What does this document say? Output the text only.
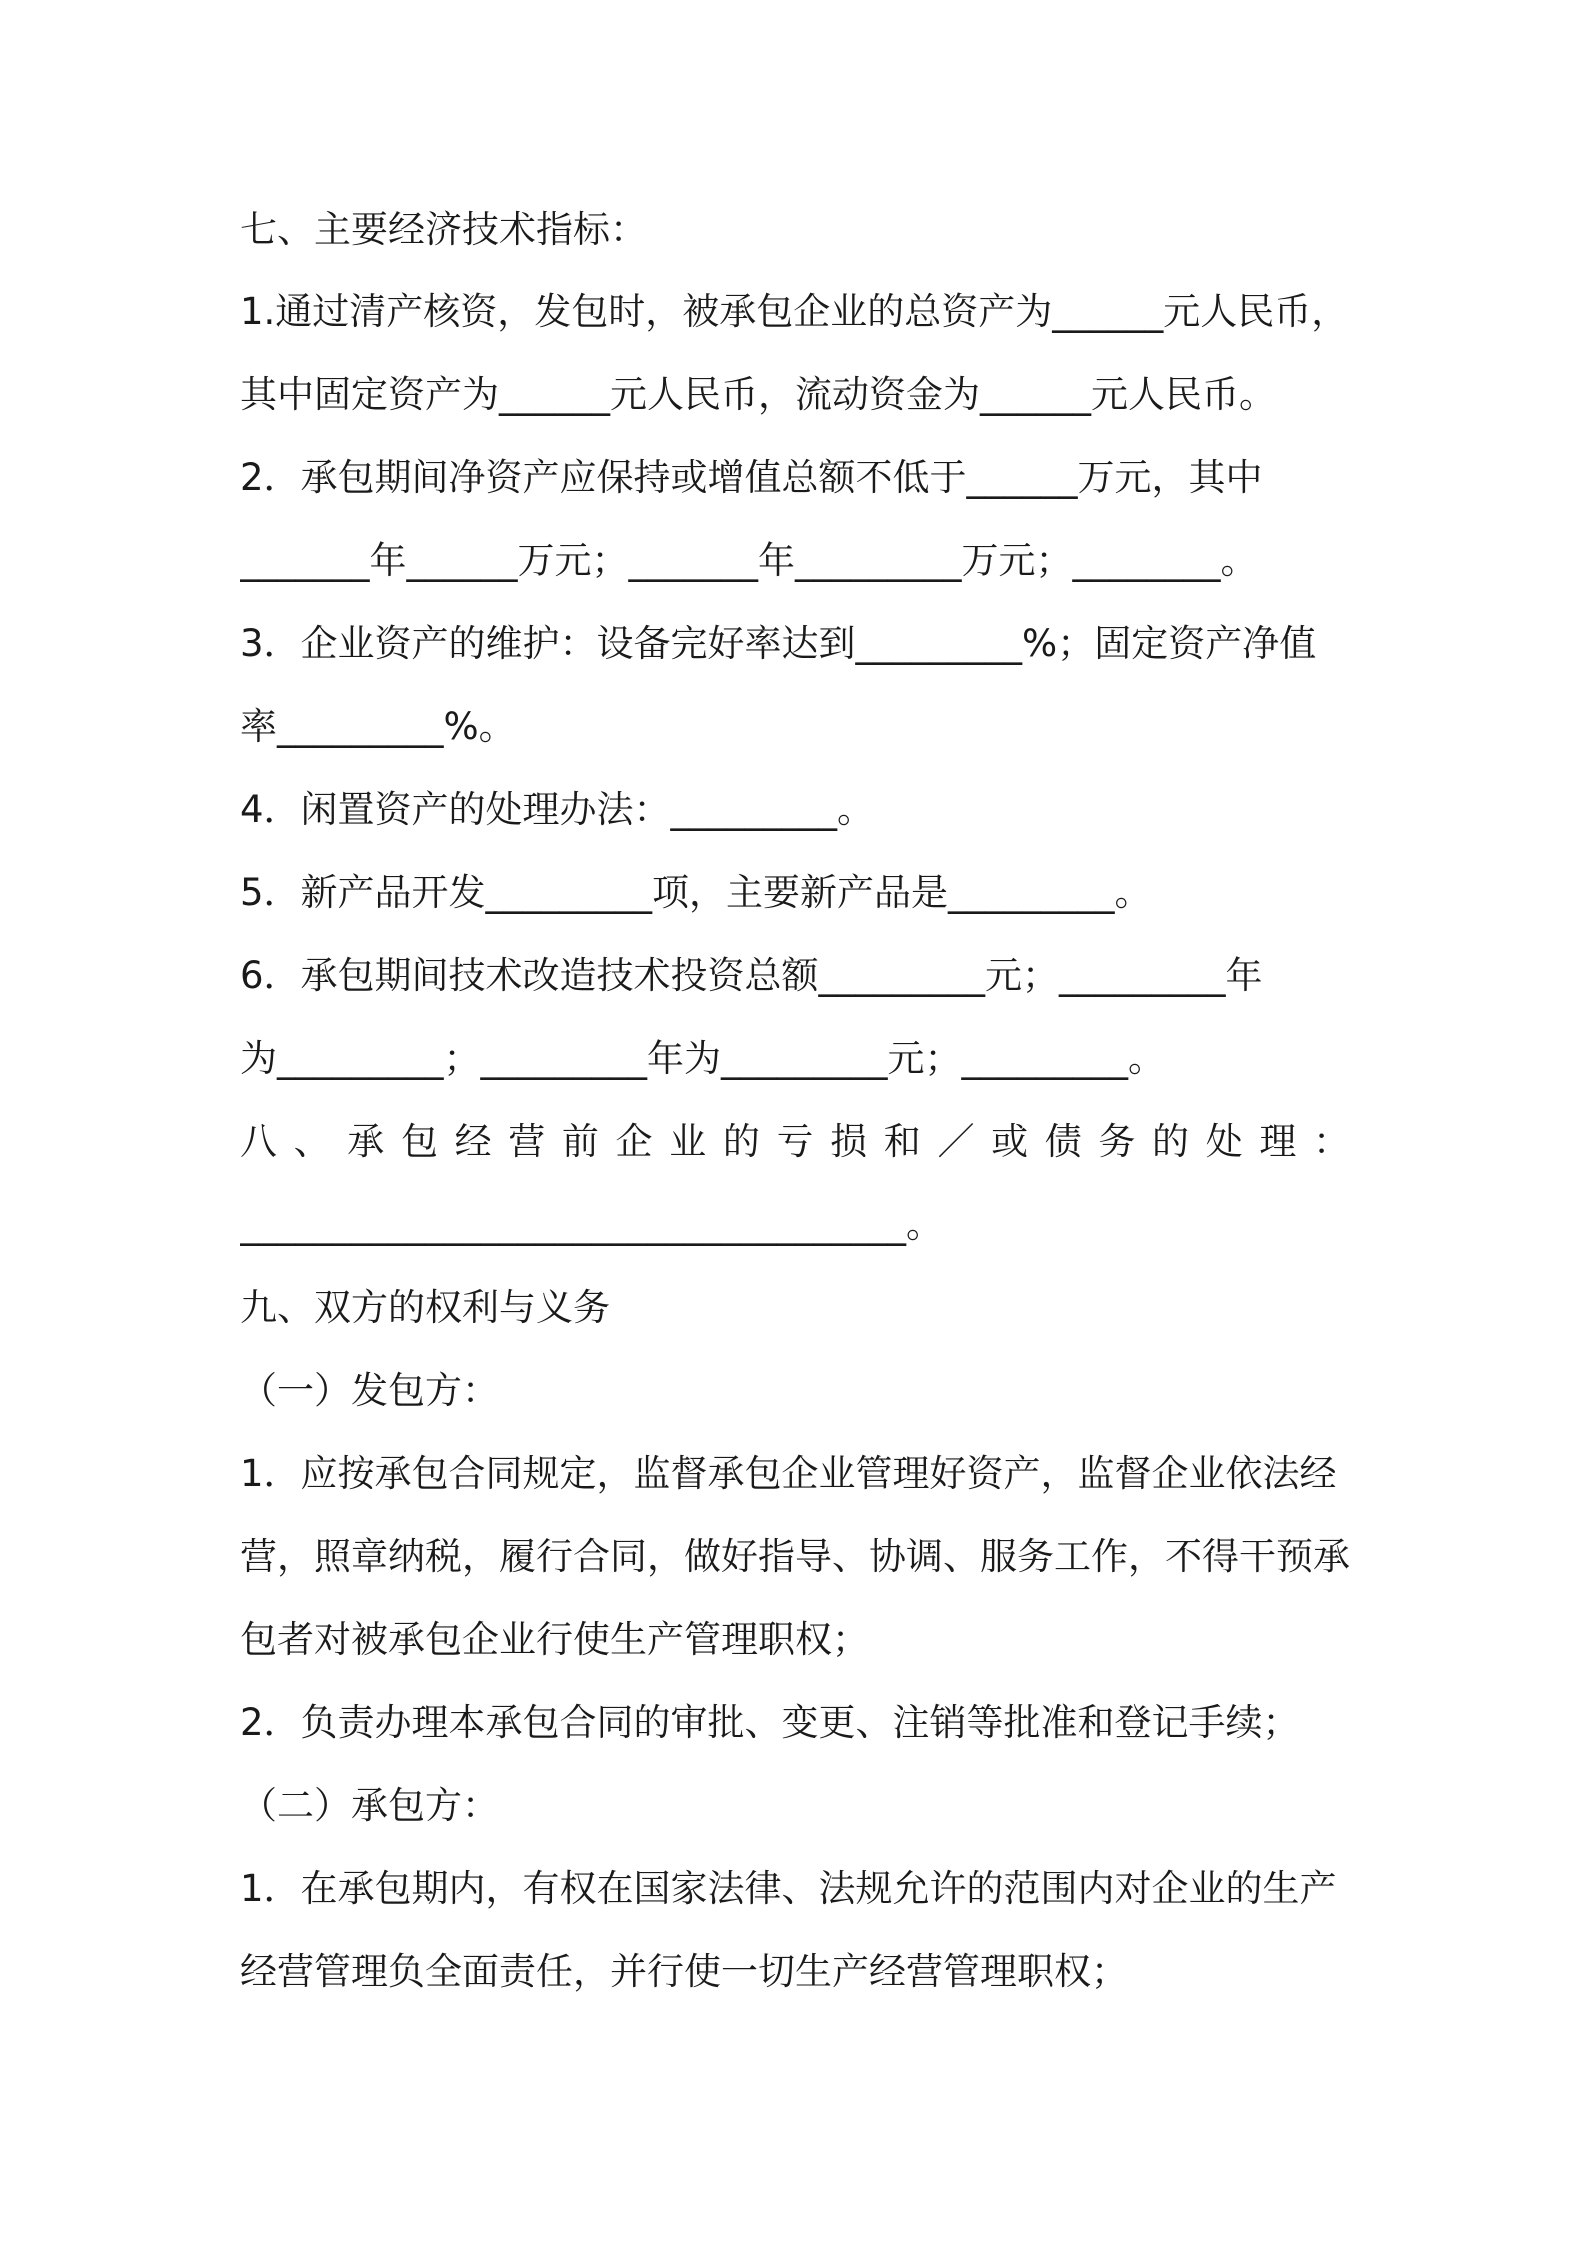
七、主要经济技术指标：
1.通过清产核资，发包时，被承包企业的总资产为______元人民币，
其中固定资产为______元人民币，流动资金为______元人民币。
2．承包期间净资产应保持或增值总额不低于______万元，其中
_______年______万元；_______年_________万元；________。
3．企业资产的维护：设备完好率达到_________%；固定资产净值
率_________%。
4．闲置资产的处理办法：_________。
5．新产品开发_________项，主要新产品是_________。
6．承包期间技术改造技术投资总额_________元；_________年
为_________；_________年为_________元；_________。
八、承包经营前企业的亏损和／或债务的处理：
____________________________________。
九、双方的权利与义务
（一）发包方：
1．应按承包合同规定，监督承包企业管理好资产，监督企业依法经
营，照章纳税，履行合同，做好指导、协调、服务工作，不得干预承
包者对被承包企业行使生产管理职权；
2．负责办理本承包合同的审批、变更、注销等批准和登记手续；
（二）承包方：
1．在承包期内，有权在国家法律、法规允许的范围内对企业的生产
经营管理负全面责任，并行使一切生产经营管理职权；
